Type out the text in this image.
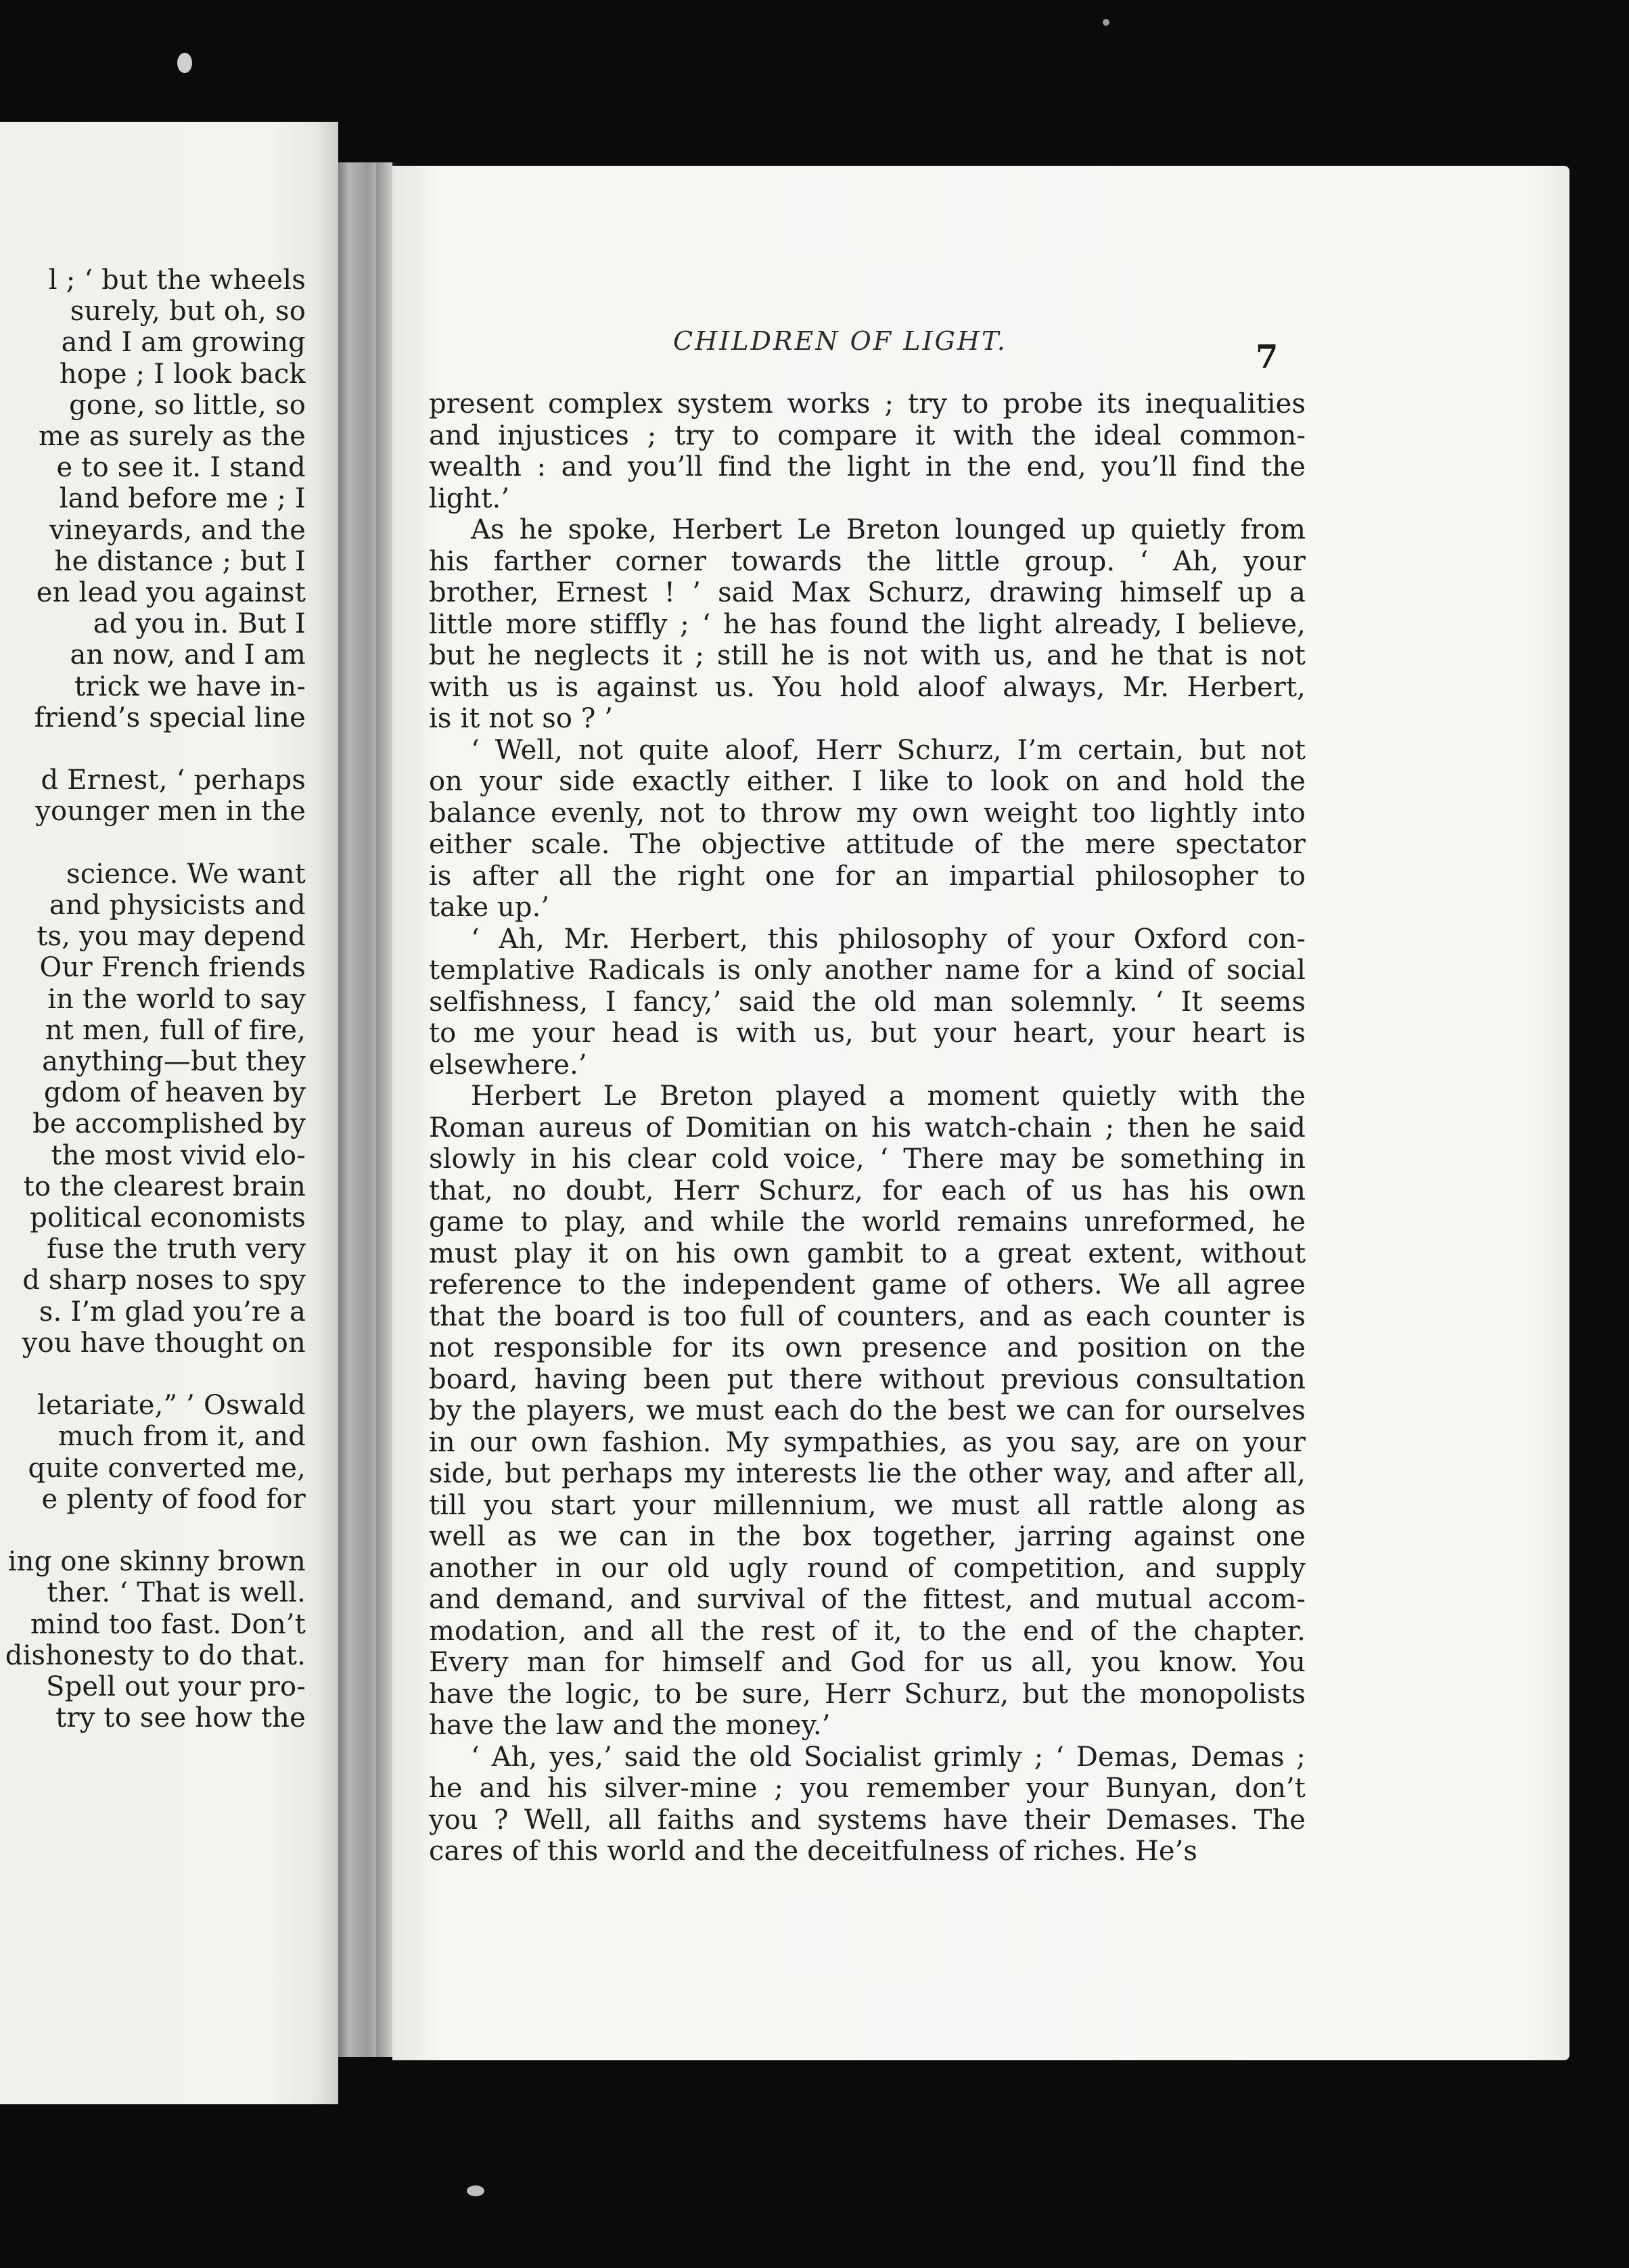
l ; ‘ but the wheels
surely, but oh, so
and I am growing
hope ; I look back
gone, so little, so
me as surely as the
e to see it. I stand
land before me ; I
vineyards, and the
he distance ; but I
en lead you against
ad you in. But I
an now, and I am
trick we have in-
friend’s special line
d Ernest, ‘ perhaps
younger men in the
science. We want
and physicists and
ts, you may depend
Our French friends
in the world to say
nt men, full of fire,
anything—but they
gdom of heaven by
be accomplished by
the most vivid elo-
to the clearest brain
political economists
fuse the truth very
d sharp noses to spy
s. I’m glad you’re a
you have thought on
letariate,” ’ Oswald
much from it, and
quite converted me,
e plenty of food for
ing one skinny brown
ther. ‘ That is well.
mind too fast. Don’t
dishonesty to do that.
Spell out your pro-
try to see how the
CHILDREN OF LIGHT.	7
present complex system works ; try to probe its inequalities
and injustices ; try to compare it with the ideal common-
wealth : and you’ll find the light in the end, you’ll find the
light.’
As he spoke, Herbert Le Breton lounged up quietly from
his farther corner towards the little group. ‘ Ah, your
brother, Ernest ! ’ said Max Schurz, drawing himself up a
little more stiffly ; ‘ he has found the light already, I believe,
but he neglects it ; still he is not with us, and he that is not
with us is against us. You hold aloof always, Mr. Herbert,
is it not so ? ’
‘ Well, not quite aloof, Herr Schurz, I’m certain, but not
on your side exactly either. I like to look on and hold the
balance evenly, not to throw my own weight too lightly into
either scale. The objective attitude of the mere spectator
is after all the right one for an impartial philosopher to
take up.’
‘ Ah, Mr. Herbert, this philosophy of your Oxford con-
templative Radicals is only another name for a kind of social
selfishness, I fancy,’ said the old man solemnly. ‘ It seems
to me your head is with us, but your heart, your heart is
elsewhere.’
Herbert Le Breton played a moment quietly with the
Roman aureus of Domitian on his watch-chain ; then he said
slowly in his clear cold voice, ‘ There may be something in
that, no doubt, Herr Schurz, for each of us has his own
game to play, and while the world remains unreformed, he
must play it on his own gambit to a great extent, without
reference to the independent game of others. We all agree
that the board is too full of counters, and as each counter is
not responsible for its own presence and position on the
board, having been put there without previous consultation
by the players, we must each do the best we can for ourselves
in our own fashion. My sympathies, as you say, are on your
side, but perhaps my interests lie the other way, and after all,
till you start your millennium, we must all rattle along as
well as we can in the box together, jarring against one
another in our old ugly round of competition, and supply
and demand, and survival of the fittest, and mutual accom-
modation, and all the rest of it, to the end of the chapter.
Every man for himself and God for us all, you know. You
have the logic, to be sure, Herr Schurz, but the monopolists
have the law and the money.’
‘ Ah, yes,’ said the old Socialist grimly ; ‘ Demas, Demas ;
he and his silver-mine ; you remember your Bunyan, don’t
you ? Well, all faiths and systems have their Demases. The
cares of this world and the deceitfulness of riches. He’s
